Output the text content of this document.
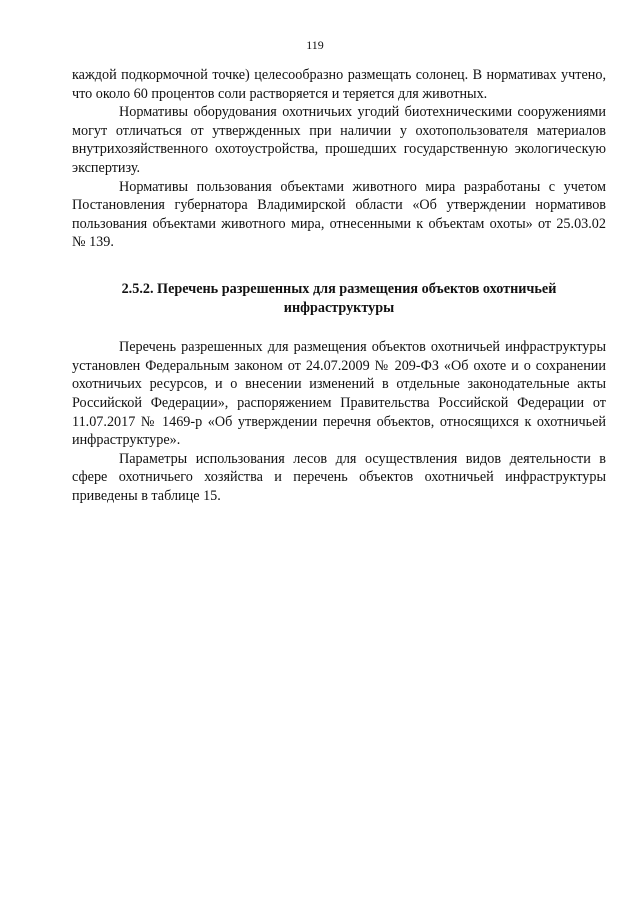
119

каждой подкормочной точке) целесообразно размещать солонец. В нормативах учтено, что около 60 процентов соли растворяется и теряется для животных.

Нормативы оборудования охотничьих угодий биотехническими сооружениями могут отличаться от утвержденных при наличии у охотопользователя материалов внутрихозяйственного охотоустройства, прошедших государственную экологическую экспертизу.

Нормативы пользования объектами животного мира разработаны с учетом Постановления губернатора Владимирской области «Об утверждении нормативов пользования объектами животного мира, отнесенными к объектам охоты» от 25.03.02 № 139.

2.5.2. Перечень разрешенных для размещения объектов охотничьей инфраструктуры

Перечень разрешенных для размещения объектов охотничьей инфраструктуры установлен Федеральным законом от 24.07.2009 № 209-ФЗ «Об охоте и о сохранении охотничьих ресурсов, и о внесении изменений в отдельные законодательные акты Российской Федерации», распоряжением Правительства Российской Федерации от 11.07.2017 № 1469-р «Об утверждении перечня объектов, относящихся к охотничьей инфраструктуре».

Параметры использования лесов для осуществления видов деятельности в сфере охотничьего хозяйства и перечень объектов охотничьей инфраструктуры приведены в таблице 15.
